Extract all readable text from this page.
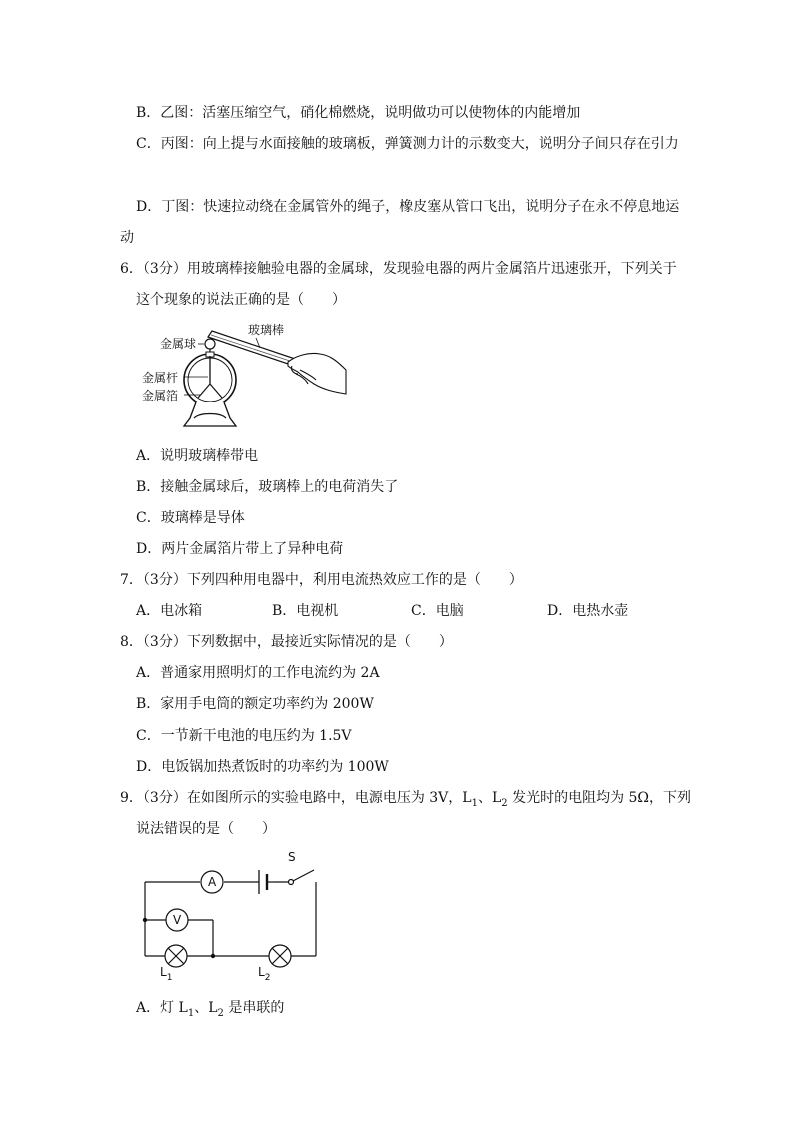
B．乙图：活塞压缩空气，硝化棉燃烧，说明做功可以使物体的内能增加
C．丙图：向上提与水面接触的玻璃板，弹簧测力计的示数变大，说明分子间只存在引力
D．丁图：快速拉动绕在金属管外的绳子，橡皮塞从管口飞出，说明分子在永不停息地运
动
6．（3分）用玻璃棒接触验电器的金属球，发现验电器的两片金属箔片迅速张开，下列关于
这个现象的说法正确的是（　　）
玻璃棒
金属球
金属杆
金属箔
A．说明玻璃棒带电
B．接触金属球后，玻璃棒上的电荷消失了
C．玻璃棒是导体
D．两片金属箔片带上了异种电荷
7．（3分）下列四种用电器中，利用电流热效应工作的是（　　）
A．电冰箱	B．电视机	C．电脑	D．电热水壶
8．（3分）下列数据中，最接近实际情况的是（　　）
A．普通家用照明灯的工作电流约为 2A
B．家用手电筒的额定功率约为 200W
C．一节新干电池的电压约为 1.5V
D．电饭锅加热煮饭时的功率约为 100W
9．（3分）在如图所示的实验电路中，电源电压为 3V，$L_1$、$L_2$ 发光时的电阻均为 5Ω，下列
说法错误的是（　　）
A
S
V
$L_1$	$L_2$
A．灯 $L_1$、$L_2$ 是串联的
